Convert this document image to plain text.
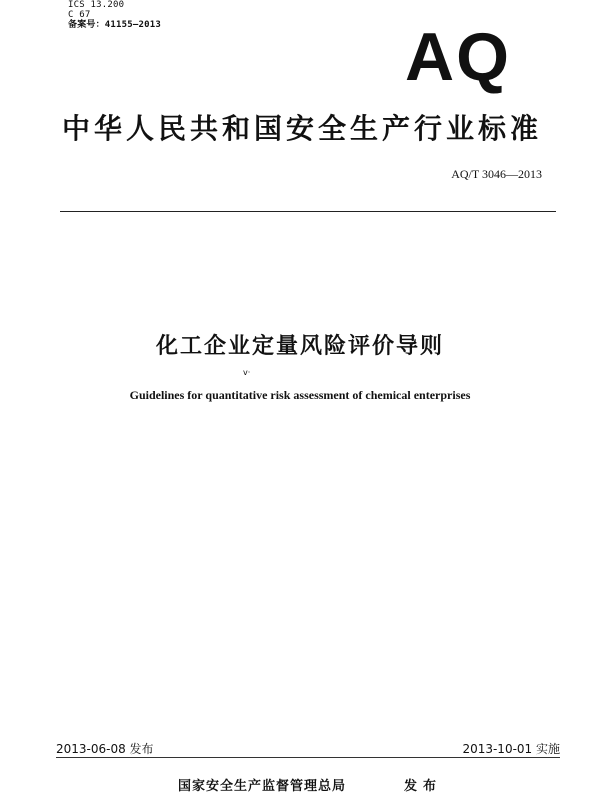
ICS 13.200
C 67
备案号：41155—2013	AQ
中华人民共和国安全生产行业标准
AQ/T 3046—2013
化工企业定量风险评价导则
v·
Guidelines for quantitative risk assessment of chemical enterprises
2013-06-08 发布	2013-10-01 实施
国家安全生产监督管理总局	发布
